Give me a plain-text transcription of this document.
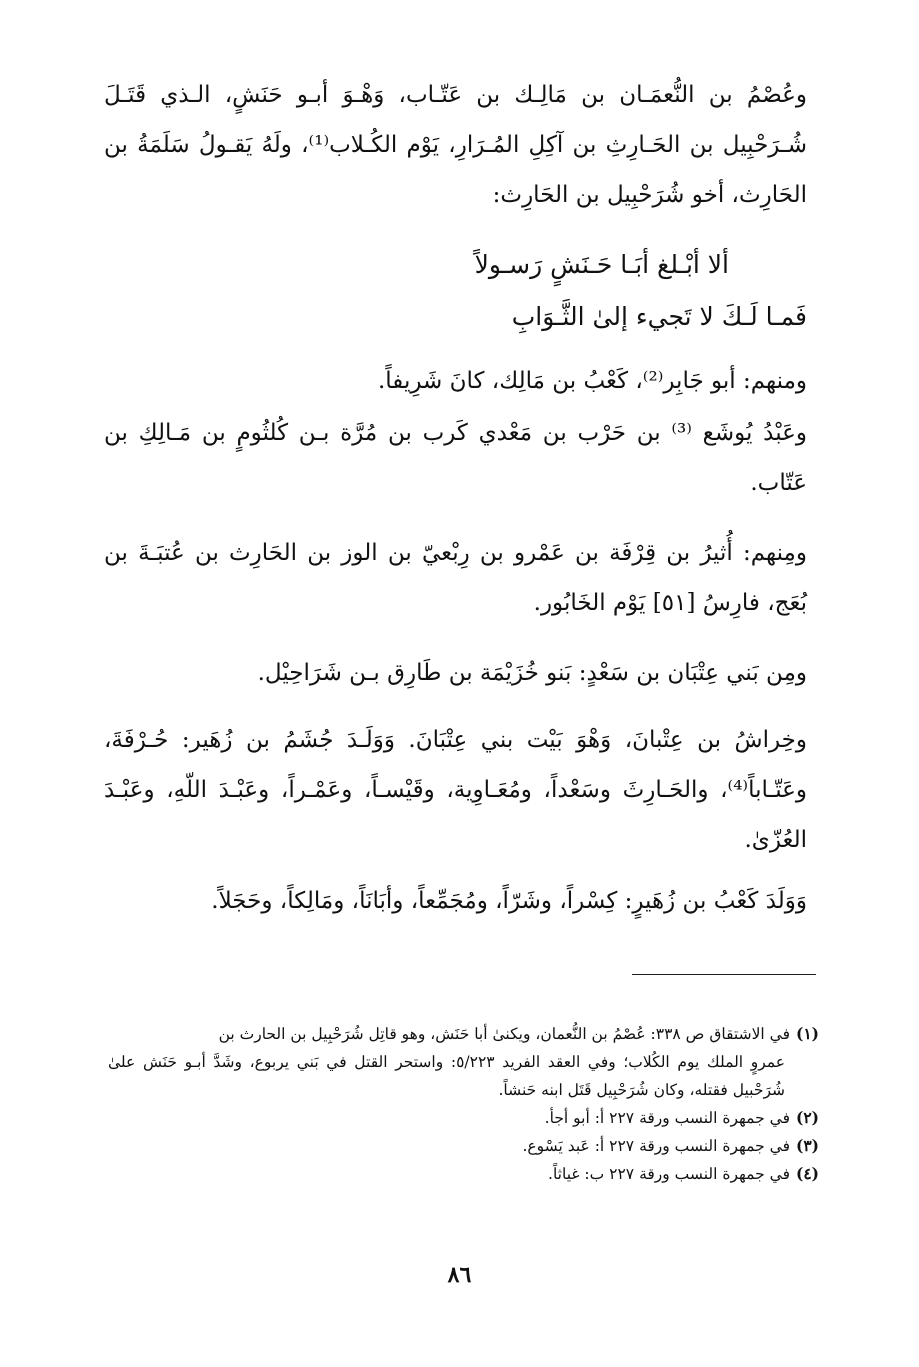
وعُصْمُ بن النُّعمَـان بن مَالِـك بن عَتّـاب، وَهْـوَ أبـو حَنَشٍ، الـذي قَتَـلَ شُـرَحْبِيل بن الحَـارِثِ بن آكِلِ المُـرَارِ، يَوْم الكُـلاب⁽¹⁾، ولَهُ يَقـولُ سَلَمَةُ بن الحَارِث، أخو شُرَحْبِيل بن الحَارِث:
ألا أبْـلغ أبَـا حَـنَشٍ رَسـولاً
فَمـا لَـكَ لا تَجيء إلىٰ الثَّـوَابِ
ومنهم: أبو جَابِر⁽²⁾، كَعْبُ بن مَالِك، كانَ شَرِيفاً.
وعَبْدُ يُوشَع ⁽³⁾ بن حَرْب بن مَعْدي كَرب بن مُرَّة بـن كُلثُومٍ بن مَـالِكِ بن عَتّاب.
ومِنهم: أُثيرُ بن قِرْفَة بن عَمْرو بن رِبْعيّ بن الوز بن الحَارِث بن عُتبَـةَ بن بُعَج، فارِسُ [٥١] يَوْم الخَابُور.
ومِن بَني عِتْبَان بن سَعْدٍ: بَنو خُزَيْمَة بن طَارِق بـن شَرَاحِيْل.
وخِراشُ بن عِتْبانَ، وَهْوَ بَيْت بني عِتْبَانَ. وَوَلَـدَ جُشَمُ بن زُهَير: حُـرْفَةَ، وعَتّـاباً⁽⁴⁾، والحَـارِثَ وسَعْداً، ومُعَـاوِية، وقَيْسـاً، وعَمْـراً، وعَبْـدَ اللّهِ، وعَبْـدَ العُزّىٰ.
وَوَلَدَ كَعْبُ بن زُهَيرٍ: كِسْراً، وشَرّاً، ومُجَمِّعاً، وأبَانَاً، ومَالِكاً، وحَجَلاً.

(١)في الاشتقاق ص ٣٣٨: عُصْمُ بن النُّعمان، ويكنىٰ أبا حَنَش، وهو قاتِل شُرَحْبِيل بن الحارث بن

عمروٍ الملك يوم الكُلاب؛ وفي العقد الفريد ٥/٢٢٣: واستحر القتل في بَني يربوع، وشَدَّ أبـو حَنَش علىٰ شُرَحْبيل فقتله، وكان شُرَحْبِيل قَتَل ابنه حَنشاً.

(٢)في جمهرة النسب ورقة ٢٢٧ أ: أبو أجأ.

(٣)في جمهرة النسب ورقة ٢٢٧ أ: عَبد يَسْوع.

(٤)في جمهرة النسب ورقة ٢٢٧ ب: غياثاً.

٨٦
